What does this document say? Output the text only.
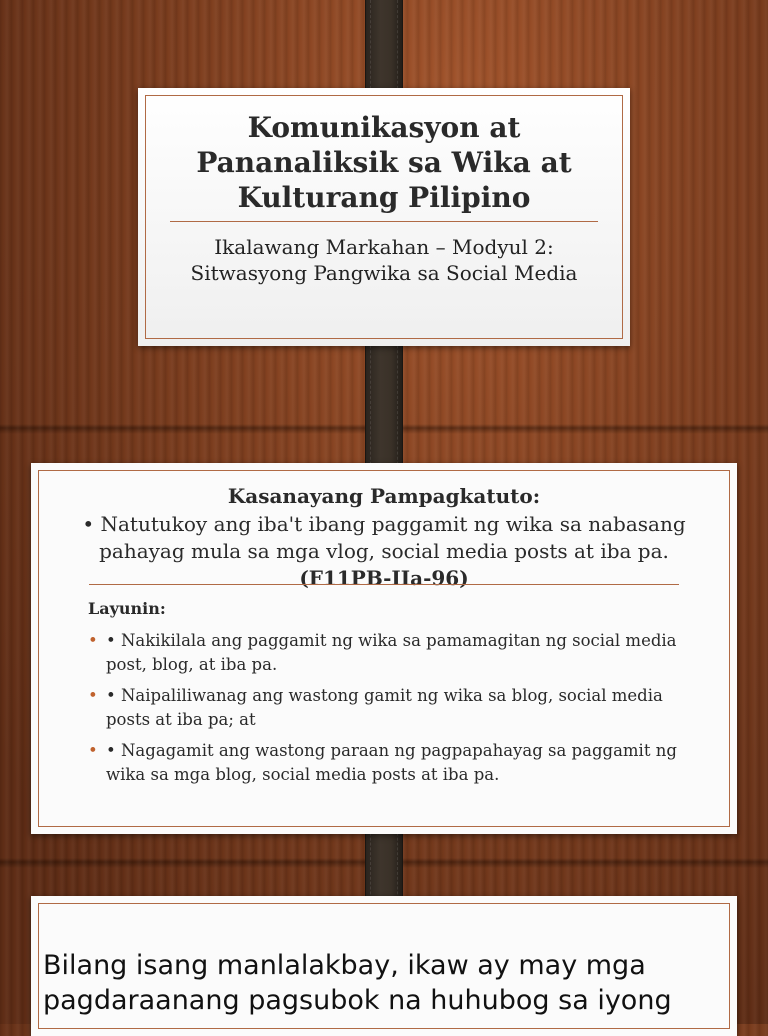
Komunikasyon at Pananaliksik sa Wika at Kulturang Pilipino
Ikalawang Markahan – Modyul 2: Sitwasyong Pangwika sa Social Media
Kasanayang Pampagkatuto:
• Natutukoy ang iba't ibang paggamit ng wika sa nabasang pahayag mula sa mga vlog, social media posts at iba pa. (F11PB-IIa-96)
Layunin:
• • Nakikilala ang paggamit ng wika sa pamamagitan ng social media post, blog, at iba pa.
• • Naipaliliwanag ang wastong gamit ng wika sa blog, social media posts at iba pa; at
• • Nagagamit ang wastong paraan ng pagpapahayag sa paggamit ng wika sa mga blog, social media posts at iba pa.
Bilang isang manlalakbay, ikaw ay may mga pagdaraanang pagsubok na huhubog sa iyong
